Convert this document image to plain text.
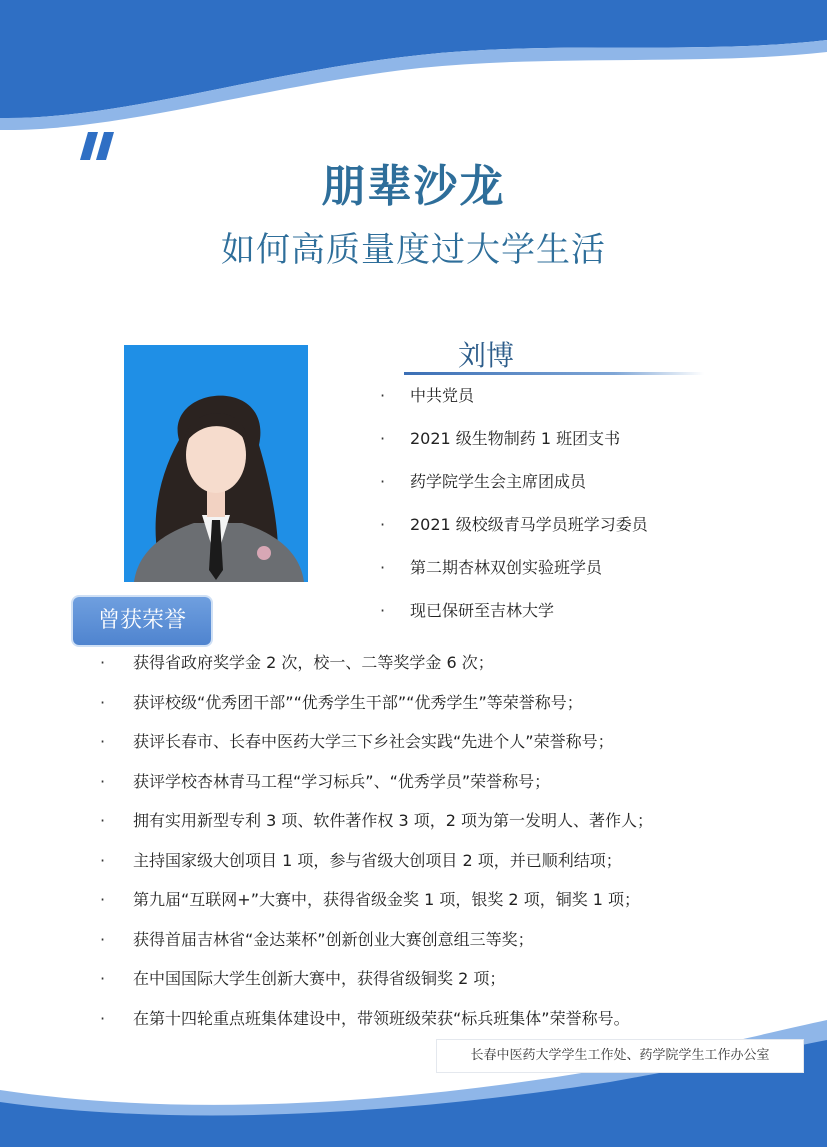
朋辈沙龙
如何高质量度过大学生活
刘博
· 中共党员
· 2021 级生物制药 1 班团支书
· 药学院学生会主席团成员
· 2021 级校级青马学员班学习委员
· 第二期杏林双创实验班学员
· 现已保研至吉林大学
曾获荣誉
· 获得省政府奖学金 2 次，校一、二等奖学金 6 次；
· 获评校级“优秀团干部”“优秀学生干部”“优秀学生”等荣誉称号；
· 获评长春市、长春中医药大学三下乡社会实践“先进个人”荣誉称号；
· 获评学校杏林青马工程“学习标兵”、“优秀学员”荣誉称号；
· 拥有实用新型专利 3 项、软件著作权 3 项，2 项为第一发明人、著作人；
· 主持国家级大创项目 1 项，参与省级大创项目 2 项，并已顺利结项；
· 第九届“互联网+”大赛中，获得省级金奖 1 项，银奖 2 项，铜奖 1 项；
· 获得首届吉林省“金达莱杯”创新创业大赛创意组三等奖；
· 在中国国际大学生创新大赛中，获得省级铜奖 2 项；
· 在第十四轮重点班集体建设中，带领班级荣获“标兵班集体”荣誉称号。
长春中医药大学学生工作处、药学院学生工作办公室
